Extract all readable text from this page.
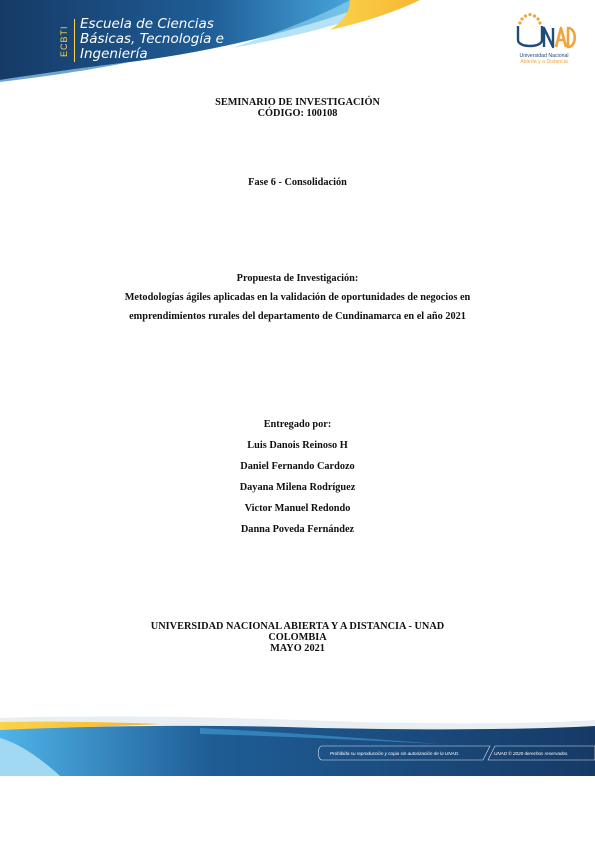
ECBTI
Escuela de Ciencias
Básicas, Tecnología e
Ingeniería	Universidad Nacional
Abierta y a Distancia
SEMINARIO DE INVESTIGACIÓN
CÓDIGO: 100108
Fase 6 - Consolidación
Propuesta de Investigación:
Metodologías ágiles aplicadas en la validación de oportunidades de negocios en
emprendimientos rurales del departamento de Cundinamarca en el año 2021
Entregado por:
Luis Danois Reinoso H
Daniel Fernando Cardozo
Dayana Milena Rodríguez
Victor Manuel Redondo
Danna Poveda Fernández
UNIVERSIDAD NACIONAL ABIERTA Y A DISTANCIA - UNAD
COLOMBIA
MAYO 2021
Prohibida su reproducción y copia sin autorización de la UNAD.	UNAD © 2020 derechos reservados.
